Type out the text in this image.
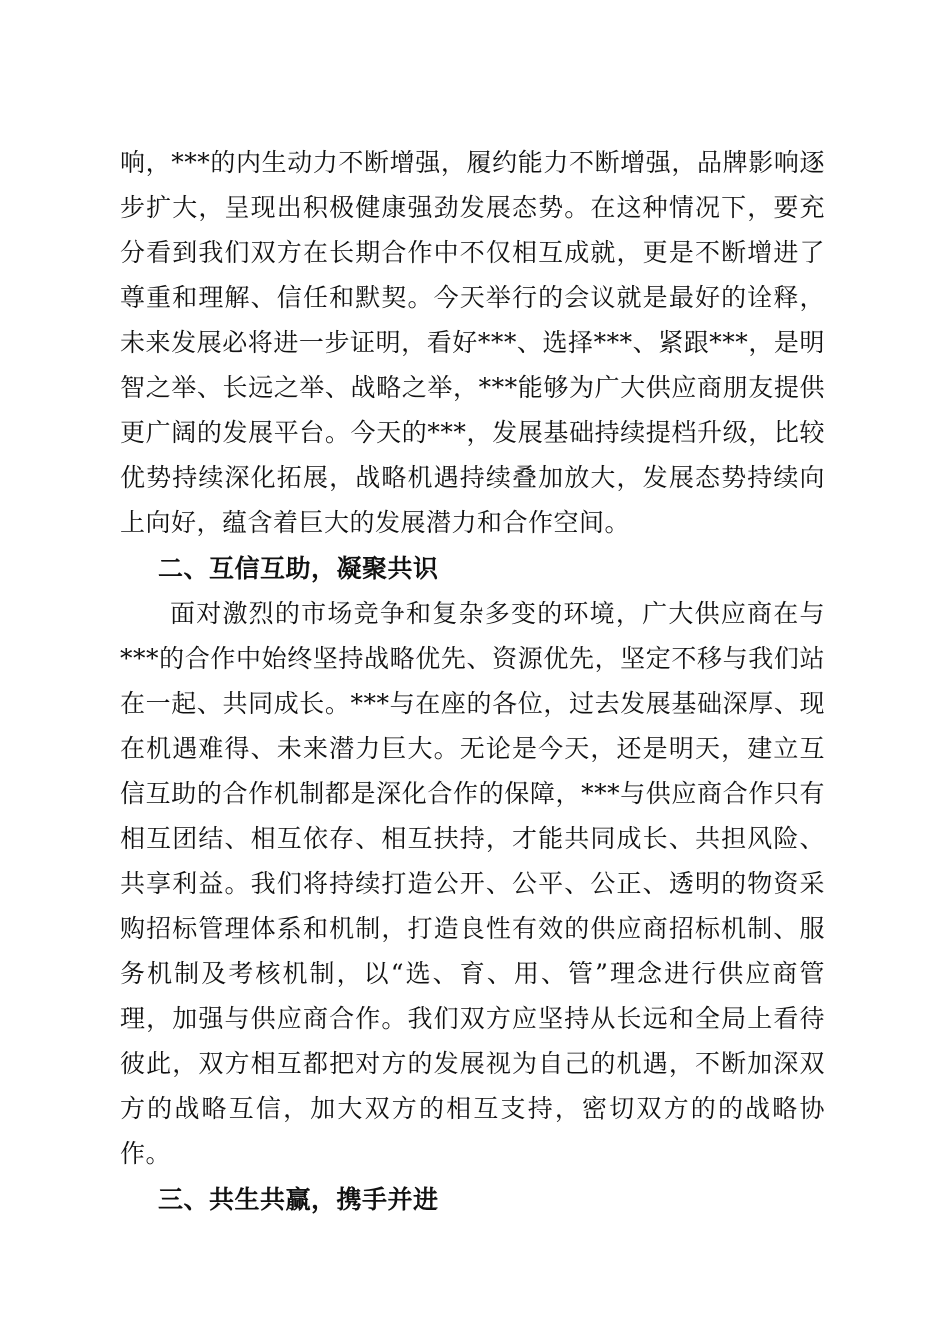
响，***的内生动力不断增强，履约能力不断增强，品牌影响逐步扩大，呈现出积极健康强劲发展态势。在这种情况下，要充分看到我们双方在长期合作中不仅相互成就，更是不断增进了尊重和理解、信任和默契。今天举行的会议就是最好的诠释，未来发展必将进一步证明，看好***、选择***、紧跟***，是明智之举、长远之举、战略之举，***能够为广大供应商朋友提供更广阔的发展平台。今天的***，发展基础持续提档升级，比较优势持续深化拓展，战略机遇持续叠加放大，发展态势持续向上向好，蕴含着巨大的发展潜力和合作空间。

二、互信互助，凝聚共识

面对激烈的市场竞争和复杂多变的环境，广大供应商在与***的合作中始终坚持战略优先、资源优先，坚定不移与我们站在一起、共同成长。***与在座的各位，过去发展基础深厚、现在机遇难得、未来潜力巨大。无论是今天，还是明天，建立互信互助的合作机制都是深化合作的保障，***与供应商合作只有相互团结、相互依存、相互扶持，才能共同成长、共担风险、共享利益。我们将持续打造公开、公平、公正、透明的物资采购招标管理体系和机制，打造良性有效的供应商招标机制、服务机制及考核机制，以“选、育、用、管”理念进行供应商管理，加强与供应商合作。我们双方应坚持从长远和全局上看待彼此，双方相互都把对方的发展视为自己的机遇，不断加深双方的战略互信，加大双方的相互支持，密切双方的的战略协作。

三、共生共赢，携手并进
